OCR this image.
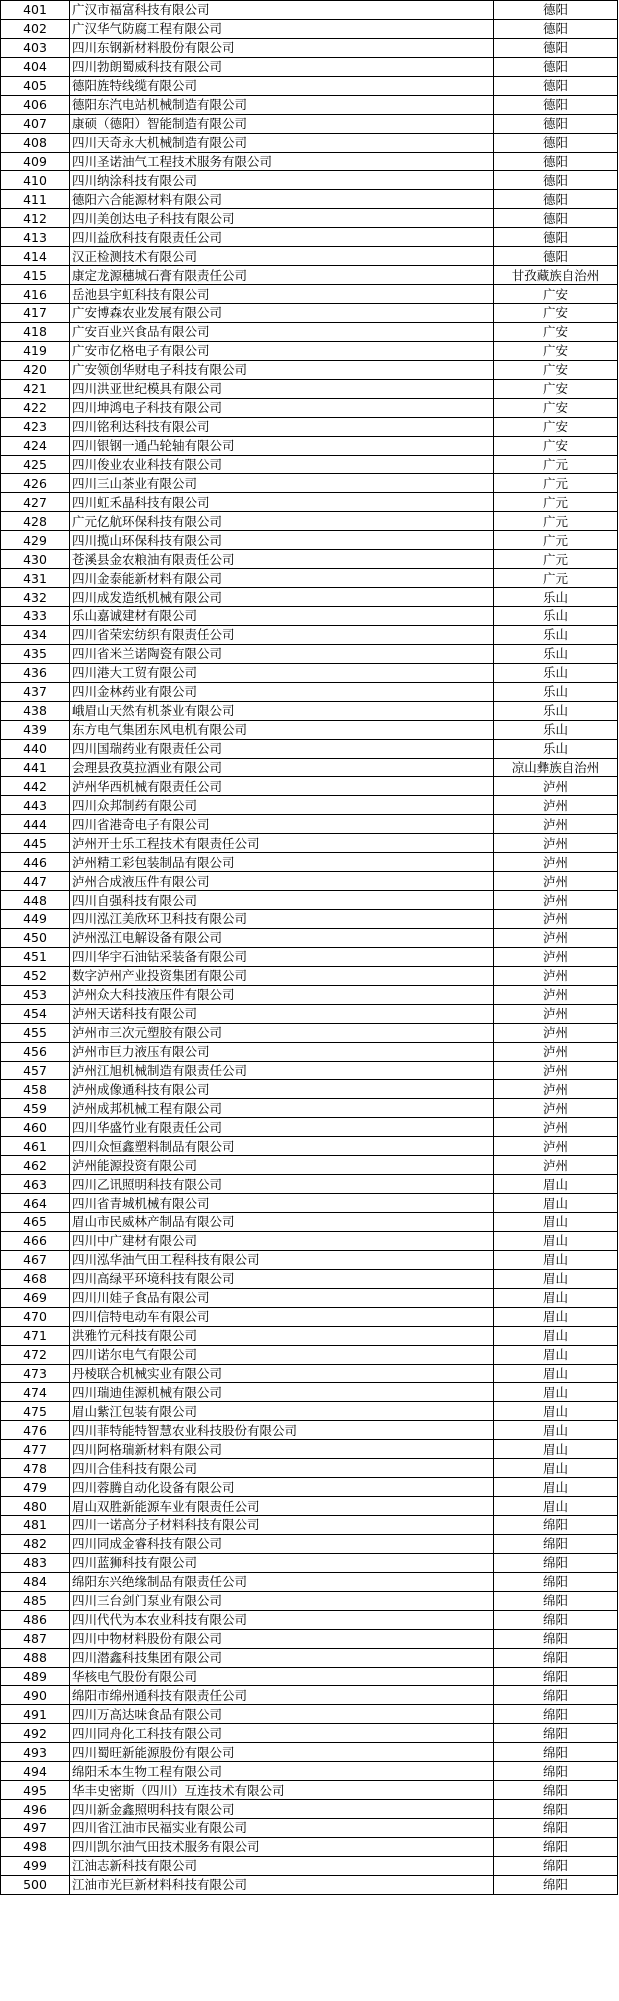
401	广汉市福富科技有限公司	德阳
402	广汉华气防腐工程有限公司	德阳
403	四川东钢新材料股份有限公司	德阳
404	四川勃朗蜀威科技有限公司	德阳
405	德阳旌特线缆有限公司	德阳
406	德阳东汽电站机械制造有限公司	德阳
407	康硕（德阳）智能制造有限公司	德阳
408	四川天奇永大机械制造有限公司	德阳
409	四川圣诺油气工程技术服务有限公司	德阳
410	四川纳涂科技有限公司	德阳
411	德阳六合能源材料有限公司	德阳
412	四川美创达电子科技有限公司	德阳
413	四川益欣科技有限责任公司	德阳
414	汉正检测技术有限公司	德阳
415	康定龙源穗城石膏有限责任公司	甘孜藏族自治州
416	岳池县宇虹科技有限公司	广安
417	广安博森农业发展有限公司	广安
418	广安百业兴食品有限公司	广安
419	广安市亿格电子有限公司	广安
420	广安领创华财电子科技有限公司	广安
421	四川洪亚世纪模具有限公司	广安
422	四川坤鸿电子科技有限公司	广安
423	四川铭利达科技有限公司	广安
424	四川银钢一通凸轮轴有限公司	广安
425	四川俊业农业科技有限公司	广元
426	四川三山茶业有限公司	广元
427	四川虹禾晶科技有限公司	广元
428	广元亿航环保科技有限公司	广元
429	四川揽山环保科技有限公司	广元
430	苍溪县金农粮油有限责任公司	广元
431	四川金泰能新材料有限公司	广元
432	四川成发造纸机械有限公司	乐山
433	乐山嘉诚建材有限公司	乐山
434	四川省荣宏纺织有限责任公司	乐山
435	四川省米兰诺陶瓷有限公司	乐山
436	四川港大工贸有限公司	乐山
437	四川金林药业有限公司	乐山
438	峨眉山天然有机茶业有限公司	乐山
439	东方电气集团东风电机有限公司	乐山
440	四川国瑞药业有限责任公司	乐山
441	会理县孜莫拉酒业有限公司	凉山彝族自治州
442	泸州华西机械有限责任公司	泸州
443	四川众邦制药有限公司	泸州
444	四川省港奇电子有限公司	泸州
445	泸州开士乐工程技术有限责任公司	泸州
446	泸州精工彩包装制品有限公司	泸州
447	泸州合成液压件有限公司	泸州
448	四川自强科技有限公司	泸州
449	四川泓江美欣环卫科技有限公司	泸州
450	泸州泓江电解设备有限公司	泸州
451	四川华宇石油钻采装备有限公司	泸州
452	数字泸州产业投资集团有限公司	泸州
453	泸州众大科技液压件有限公司	泸州
454	泸州天诺科技有限公司	泸州
455	泸州市三次元塑胶有限公司	泸州
456	泸州市巨力液压有限公司	泸州
457	泸州江旭机械制造有限责任公司	泸州
458	泸州成像通科技有限公司	泸州
459	泸州成邦机械工程有限公司	泸州
460	四川华盛竹业有限责任公司	泸州
461	四川众恒鑫塑料制品有限公司	泸州
462	泸州能源投资有限公司	泸州
463	四川乙讯照明科技有限公司	眉山
464	四川省青城机械有限公司	眉山
465	眉山市民威林产制品有限公司	眉山
466	四川中广建材有限公司	眉山
467	四川泓华油气田工程科技有限公司	眉山
468	四川高绿平环境科技有限公司	眉山
469	四川川娃子食品有限公司	眉山
470	四川信特电动车有限公司	眉山
471	洪雅竹元科技有限公司	眉山
472	四川诺尔电气有限公司	眉山
473	丹棱联合机械实业有限公司	眉山
474	四川瑞迪佳源机械有限公司	眉山
475	眉山紫江包装有限公司	眉山
476	四川菲特能特智慧农业科技股份有限公司	眉山
477	四川阿格瑞新材料有限公司	眉山
478	四川合佳科技有限公司	眉山
479	四川蓉腾自动化设备有限公司	眉山
480	眉山双胜新能源车业有限责任公司	眉山
481	四川一诺高分子材料科技有限公司	绵阳
482	四川同成金睿科技有限公司	绵阳
483	四川蓝狮科技有限公司	绵阳
484	绵阳东兴绝缘制品有限责任公司	绵阳
485	四川三台剑门泵业有限公司	绵阳
486	四川代代为本农业科技有限公司	绵阳
487	四川中物材料股份有限公司	绵阳
488	四川潜鑫科技集团有限公司	绵阳
489	华核电气股份有限公司	绵阳
490	绵阳市绵州通科技有限责任公司	绵阳
491	四川万高达味食品有限公司	绵阳
492	四川同舟化工科技有限公司	绵阳
493	四川蜀旺新能源股份有限公司	绵阳
494	绵阳禾本生物工程有限公司	绵阳
495	华丰史密斯（四川）互连技术有限公司	绵阳
496	四川新金鑫照明科技有限公司	绵阳
497	四川省江油市民福实业有限公司	绵阳
498	四川凯尔油气田技术服务有限公司	绵阳
499	江油志新科技有限公司	绵阳
500	江油市光巨新材料科技有限公司	绵阳
